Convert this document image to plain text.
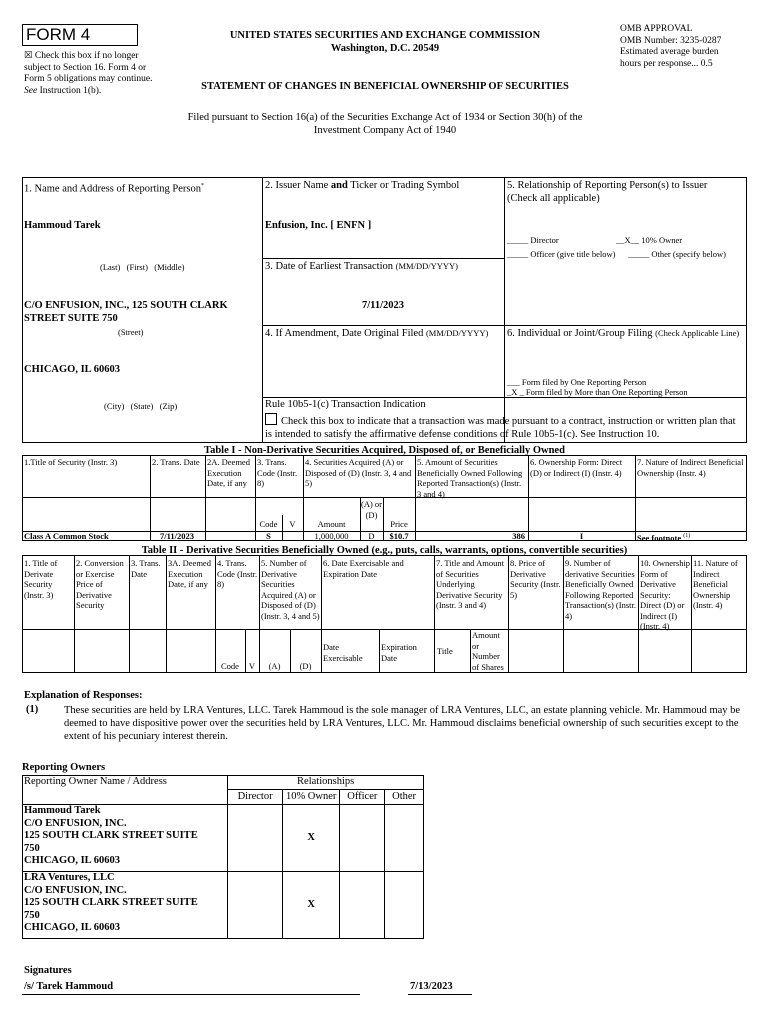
FORM 4
☒ Check this box if no longer subject to Section 16. Form 4 or Form 5 obligations may continue. See Instruction 1(b).
UNITED STATES SECURITIES AND EXCHANGE COMMISSION
Washington, D.C. 20549
OMB APPROVAL
OMB Number: 3235-0287
Estimated average burden
hours per response... 0.5
STATEMENT OF CHANGES IN BENEFICIAL OWNERSHIP OF SECURITIES
Filed pursuant to Section 16(a) of the Securities Exchange Act of 1934 or Section 30(h) of the
Investment Company Act of 1940
1. Name and Address of Reporting Person*
Hammoud Tarek
(Last)   (First)   (Middle)
C/O ENFUSION, INC., 125 SOUTH CLARK STREET SUITE 750
(Street)
CHICAGO, IL 60603
(City)   (State)   (Zip)
2. Issuer Name and Ticker or Trading Symbol
Enfusion, Inc. [ ENFN ]
3. Date of Earliest Transaction (MM/DD/YYYY)
7/11/2023
4. If Amendment, Date Original Filed (MM/DD/YYYY)
5. Relationship of Reporting Person(s) to Issuer
(Check all applicable)
_____ Director	__X__ 10% Owner
_____ Officer (give title below) _____ Other (specify below)
6. Individual or Joint/Group Filing (Check Applicable Line)
___ Form filed by One Reporting Person
_X _ Form filed by More than One Reporting Person
Rule 10b5-1(c) Transaction Indication
Check this box to indicate that a transaction was made pursuant to a contract, instruction or written plan that is intended to satisfy the affirmative defense conditions of Rule 10b5-1(c). See Instruction 10.
Table I - Non-Derivative Securities Acquired, Disposed of, or Beneficially Owned
1.Title of Security (Instr. 3)	2. Trans. Date 2A. Deemed Execution Date, if any
3. Trans. Code (Instr. 8)
4. Securities Acquired (A) or Disposed of (D) (Instr. 3, 4 and 5)
5. Amount of Securities Beneficially Owned Following Reported Transaction(s) (Instr. 3 and 4)
6. Ownership Form: Direct (D) or Indirect (I) (Instr. 4)
7. Nature of Indirect Beneficial Ownership (Instr. 4)
Code	V	Amount
(A) or (D)
Price
Class A Common Stock	7/11/2023	S	1,000,000	D	$10.7	386	I	See footnote $^{(1)}$
Table II - Derivative Securities Beneficially Owned (e.g., puts, calls, warrants, options, convertible securities)
1. Title of Derivate Security (Instr. 3)
2. Conversion or Exercise Price of Derivative Security
3. Trans. Date
3A. Deemed Execution Date, if any
4. Trans. Code (Instr. 8)
5. Number of Derivative Securities Acquired (A) or Disposed of (D) (Instr. 3, 4 and 5)
6. Date Exercisable and Expiration Date
7. Title and Amount of Securities Underlying Derivative Security (Instr. 3 and 4)
8. Price of Derivative Security (Instr. 5)
9. Number of derivative Securities Beneficially Owned Following Reported Transaction(s) (Instr. 4)
10. Ownership Form of Derivative Security: Direct (D) or Indirect (I) (Instr. 4)
11. Nature of Indirect Beneficial Ownership (Instr. 4)
Code	V	(A)	(D)
Date Exercisable
Expiration Date
Title
Amount or Number of Shares
Explanation of Responses:
(1) These securities are held by LRA Ventures, LLC. Tarek Hammoud is the sole manager of LRA Ventures, LLC, an estate planning vehicle. Mr. Hammoud may be deemed to have dispositive power over the securities held by LRA Ventures, LLC. Mr. Hammoud disclaims beneficial ownership of such securities except to the extent of his pecuniary interest therein.
Reporting Owners
Reporting Owner Name / Address	Relationships			
	Director	10% Owner	Officer	Other

Hammoud Tarek
C/O ENFUSION, INC.
125 SOUTH CLARK STREET SUITE
750
CHICAGO, IL 60603		X		

LRA Ventures, LLC
C/O ENFUSION, INC.
125 SOUTH CLARK STREET SUITE
750
CHICAGO, IL 60603		X		
Signatures
/s/ Tarek Hammoud	7/13/2023
